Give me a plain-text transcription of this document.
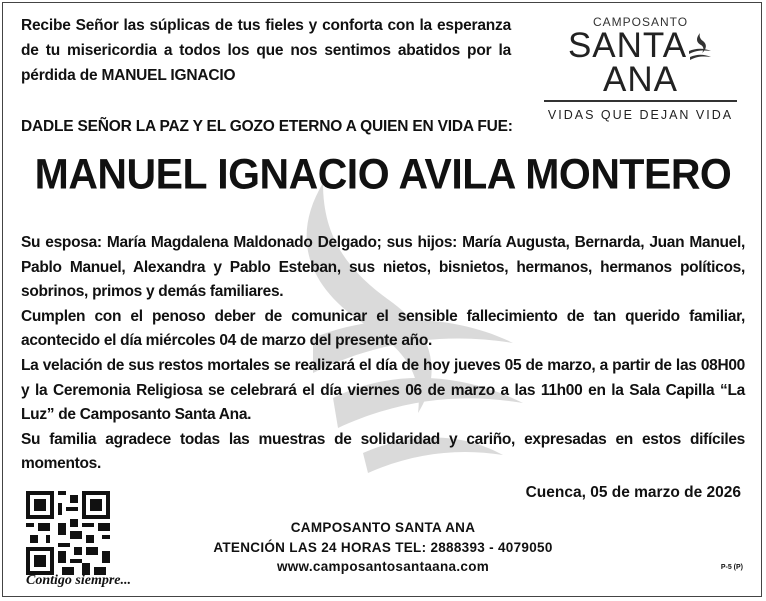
Recibe Señor las súplicas de tus fieles y conforta con la esperanza de tu misericordia a todos los que nos sentimos abatidos por la pérdida de MANUEL IGNACIO
CAMPOSANTO
SANTAANA
VIDAS QUE DEJAN VIDA
DADLE SEÑOR LA PAZ Y EL GOZO ETERNO A QUIEN EN VIDA FUE:
MANUEL IGNACIO AVILA MONTERO

Su esposa: María Magdalena Maldonado Delgado; sus hijos: María Augusta, Bernarda, Juan Manuel, Pablo Manuel, Alexandra y Pablo Esteban, sus nietos, bisnietos, hermanos, hermanos políticos, sobrinos, primos y demás familiares.

Cumplen con el penoso deber de comunicar el sensible fallecimiento de tan querido familiar, acontecido el día miércoles 04 de marzo del presente año.

La velación de sus restos mortales se realizará el día de hoy jueves 05 de marzo, a partir de las 08H00 y la Ceremonia Religiosa se celebrará el día viernes 06 de marzo a las 11h00 en la Sala Capilla “La Luz” de Camposanto Santa Ana.

Su familia agradece todas las muestras de solidaridad y cariño, expresadas en estos difíciles momentos.

Cuenca, 05 de marzo de 2026
Contigo siempre...
CAMPOSANTO SANTA ANA
ATENCIÓN LAS 24 HORAS TEL: 2888393 - 4079050
www.camposantosantaana.com	P-5 (P)
